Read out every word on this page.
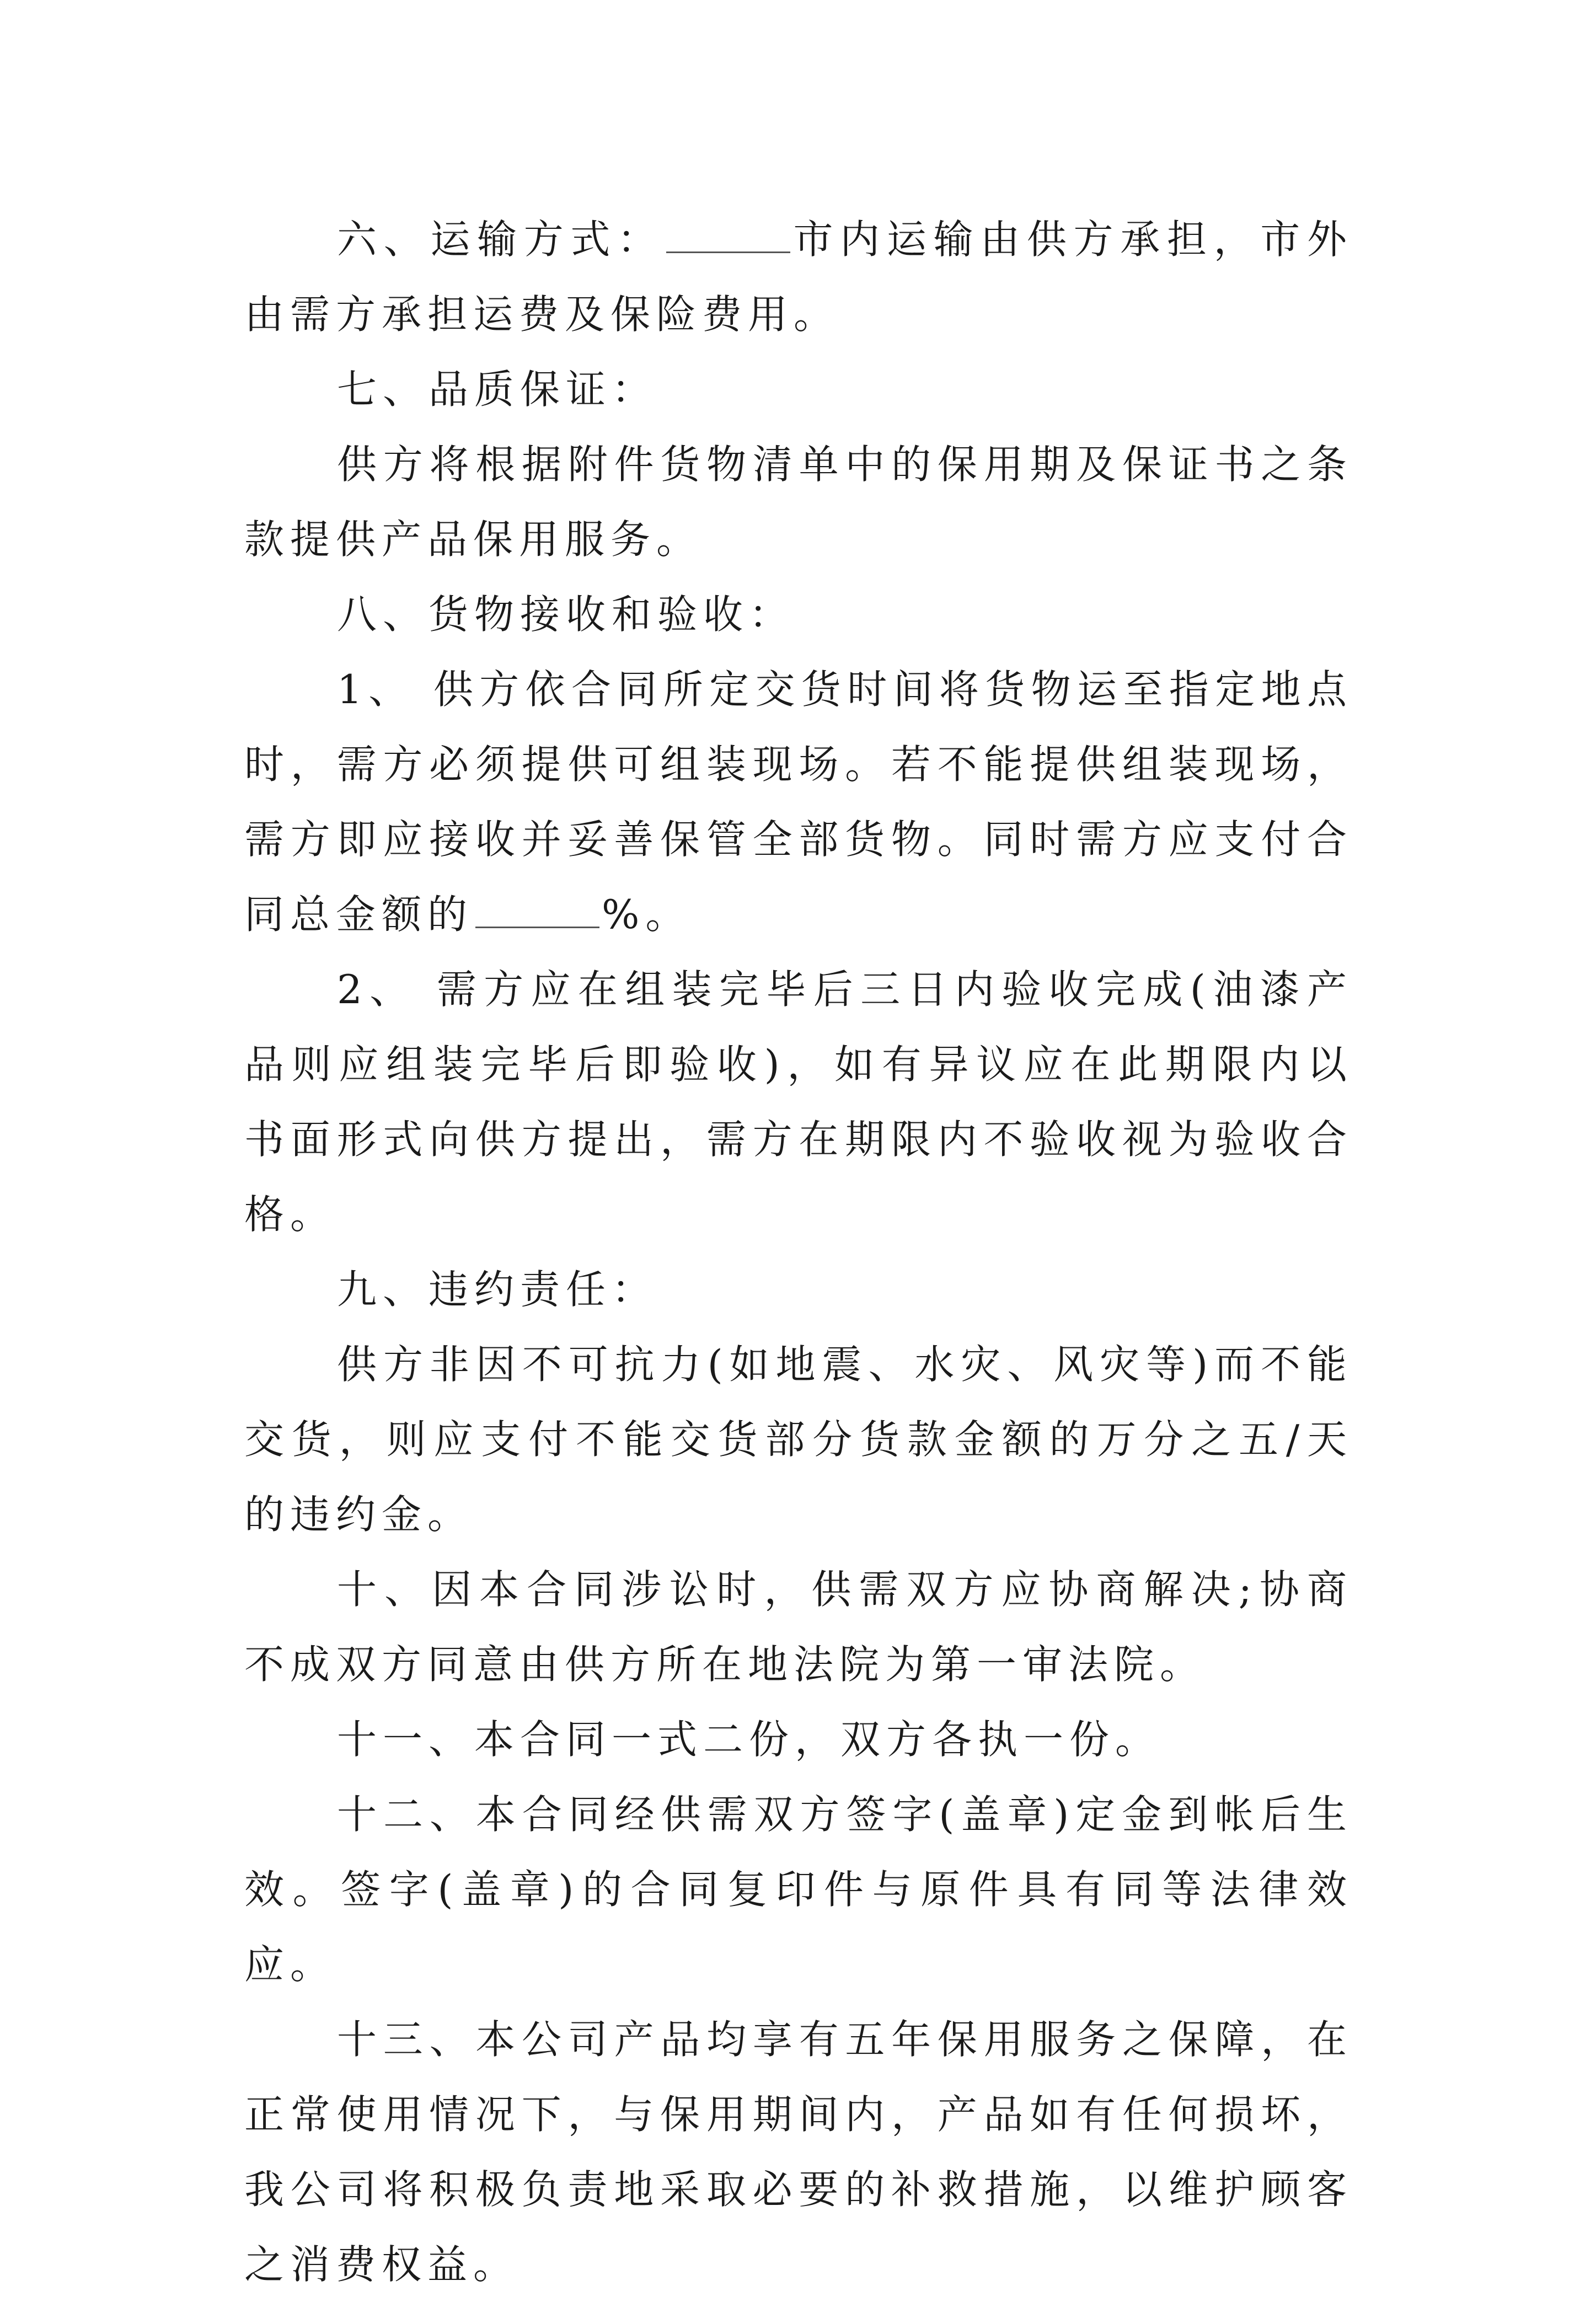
六、运输方式：	市内运输由供方承担，市外由需方承担运费及保险费用。

七、品质保证：

供方将根据附件货物清单中的保用期及保证书之条款提供产品保用服务。

八、货物接收和验收：

1、 供方依合同所定交货时间将货物运至指定地点时，需方必须提供可组装现场。若不能提供组装现场，需方即应接收并妥善保管全部货物。同时需方应支付合同总金额的	%。

2、 需方应在组装完毕后三日内验收完成(油漆产品则应组装完毕后即验收)，如有异议应在此期限内以书面形式向供方提出，需方在期限内不验收视为验收合格。

九、违约责任：

供方非因不可抗力(如地震、水灾、风灾等)而不能交货，则应支付不能交货部分货款金额的万分之五/天的违约金。

十、因本合同涉讼时，供需双方应协商解决;协商不成双方同意由供方所在地法院为第一审法院。

十一、本合同一式二份，双方各执一份。

十二、本合同经供需双方签字(盖章)定金到帐后生效。签字(盖章)的合同复印件与原件具有同等法律效应。

十三、本公司产品均享有五年保用服务之保障，在正常使用情况下，与保用期间内，产品如有任何损坏，我公司将积极负责地采取必要的补救措施，以维护顾客之消费权益。
